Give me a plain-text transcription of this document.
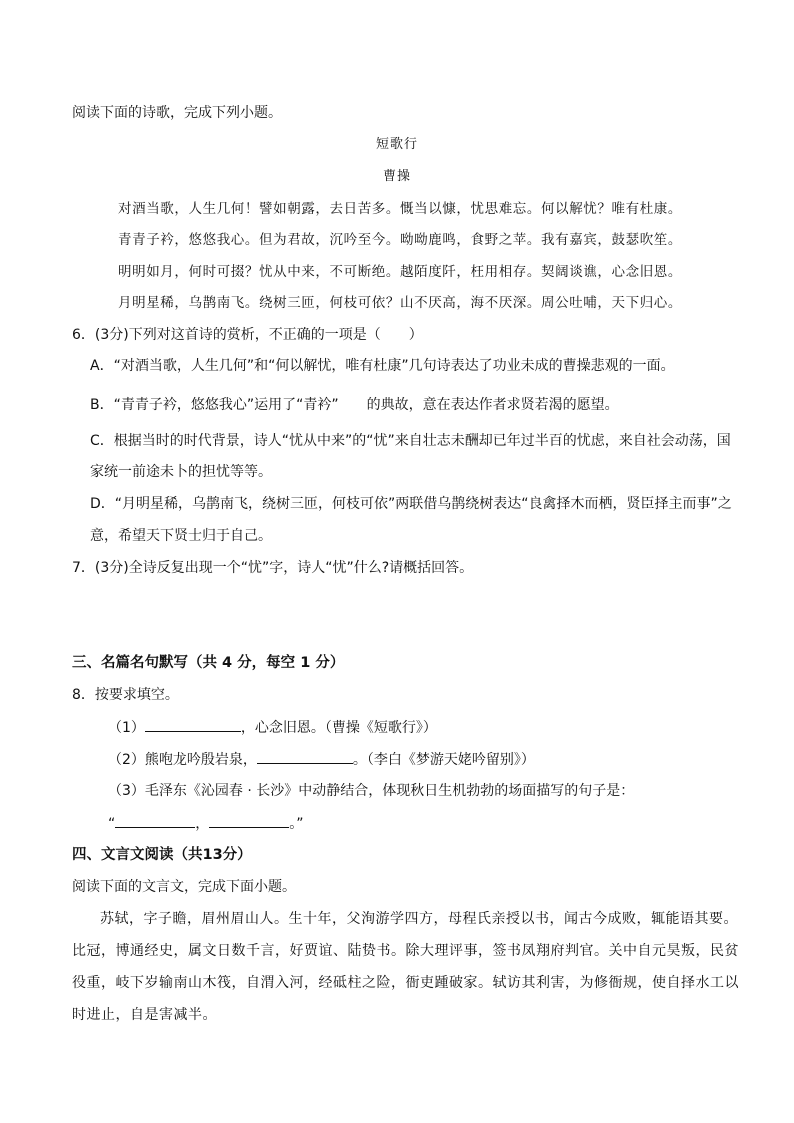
阅读下面的诗歌，完成下列小题。
短歌行
曹操
对酒当歌，人生几何！譬如朝露，去日苦多。慨当以慷，忧思难忘。何以解忧？唯有杜康。
青青子衿，悠悠我心。但为君故，沉吟至今。呦呦鹿鸣，食野之苹。我有嘉宾，鼓瑟吹笙。
明明如月，何时可掇？忧从中来，不可断绝。越陌度阡，枉用相存。契阔谈谯，心念旧恩。
月明星稀，乌鹊南飞。绕树三匝，何枝可依？山不厌高，海不厌深。周公吐哺，天下归心。
6．(3分)下列对这首诗的赏析，不正确的一项是（　　）
A．“对酒当歌，人生几何”和“何以解忧，唯有杜康”几句诗表达了功业未成的曹操悲观的一面。
B．“青青子衿，悠悠我心”运用了“青衿”　　的典故，意在表达作者求贤若渴的愿望。
C．根据当时的时代背景，诗人“忧从中来”的“忧”来自壮志未酬却已年过半百的忧虑，来自社会动荡，国
家统一前途未卜的担忧等等。
D．“月明星稀，乌鹊南飞，绕树三匝，何枝可依”两联借乌鹊绕树表达“良禽择木而栖，贤臣择主而事”之
意，希望天下贤士归于自己。
7．(3分)全诗反复出现一个“忧”字，诗人“忧”什么?请概括回答。
三、名篇名句默写（共 4 分，每空 1 分）
8．按要求填空。
（1）	，心念旧恩。（曹操《短歌行》）
（2）熊咆龙吟殷岩泉，	。（李白《梦游天姥吟留别》）
（3）毛泽东《沁园春 · 长沙》中动静结合，体现秋日生机勃勃的场面描写的句子是：
“	，	。”
四、文言文阅读（共13分）
阅读下面的文言文，完成下面小题。
苏轼，字子瞻，眉州眉山人。生十年，父洵游学四方，母程氏亲授以书，闻古今成败，辄能语其要。
比冠，博通经史，属文日数千言，好贾谊、陆贽书。除大理评事，签书凤翔府判官。关中自元昊叛，民贫
役重，岐下岁输南山木筏，自渭入河，经砥柱之险，衙吏踵破家。轼访其利害，为修衙规，使自择水工以
时进止，自是害减半。
